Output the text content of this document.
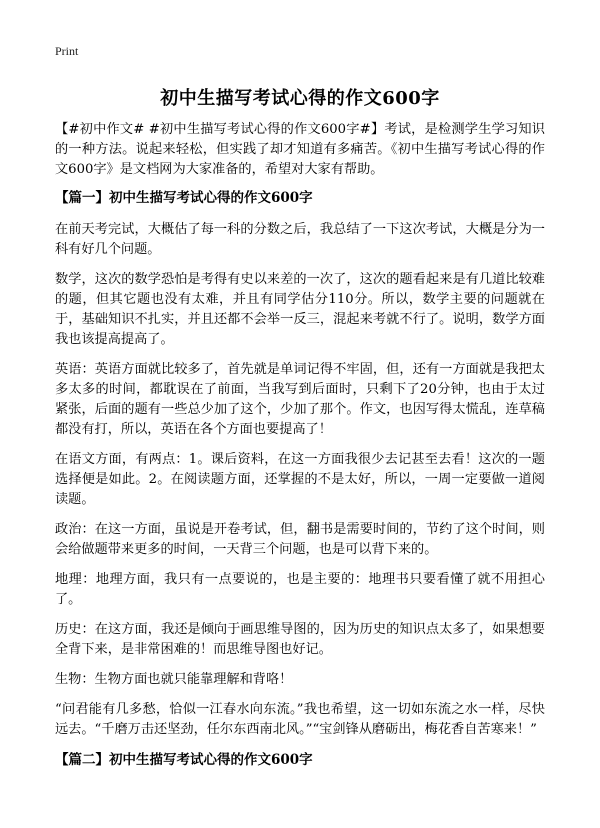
Print
初中生描写考试心得的作文600字

【#初中作文# #初中生描写考试心得的作文600字#】考试，是检测学生学习知识的一种方法。说起来轻松，但实践了却才知道有多痛苦。《初中生描写考试心得的作文600字》是文档网为大家准备的，希望对大家有帮助。

【篇一】初中生描写考试心得的作文600字

在前天考完试，大概估了每一科的分数之后，我总结了一下这次考试，大概是分为一科有好几个问题。

数学，这次的数学恐怕是考得有史以来差的一次了，这次的题看起来是有几道比较难的题，但其它题也没有太难，并且有同学估分110分。所以，数学主要的问题就在于，基础知识不扎实，并且还都不会举一反三，混起来考就不行了。说明，数学方面我也该提高提高了。

英语：英语方面就比较多了，首先就是单词记得不牢固，但，还有一方面就是我把太多太多的时间，都耽误在了前面，当我写到后面时，只剩下了20分钟，也由于太过紧张，后面的题有一些总少加了这个，少加了那个。作文，也因写得太慌乱，连草稿都没有打，所以，英语在各个方面也要提高了！

在语文方面，有两点：1。课后资料，在这一方面我很少去记甚至去看！这次的一题选择便是如此。2。在阅读题方面，还掌握的不是太好，所以，一周一定要做一道阅读题。

政治：在这一方面，虽说是开卷考试，但，翻书是需要时间的，节约了这个时间，则会给做题带来更多的时间，一天背三个问题，也是可以背下来的。

地理：地理方面，我只有一点要说的，也是主要的：地理书只要看懂了就不用担心了。

历史：在这方面，我还是倾向于画思维导图的，因为历史的知识点太多了，如果想要全背下来，是非常困难的！而思维导图也好记。

生物：生物方面也就只能靠理解和背咯！

“问君能有几多愁，恰似一江春水向东流。”我也希望，这一切如东流之水一样，尽快远去。“千磨万击还坚劲，任尔东西南北风。”“宝剑锋从磨砺出，梅花香自苦寒来！”

【篇二】初中生描写考试心得的作文600字
